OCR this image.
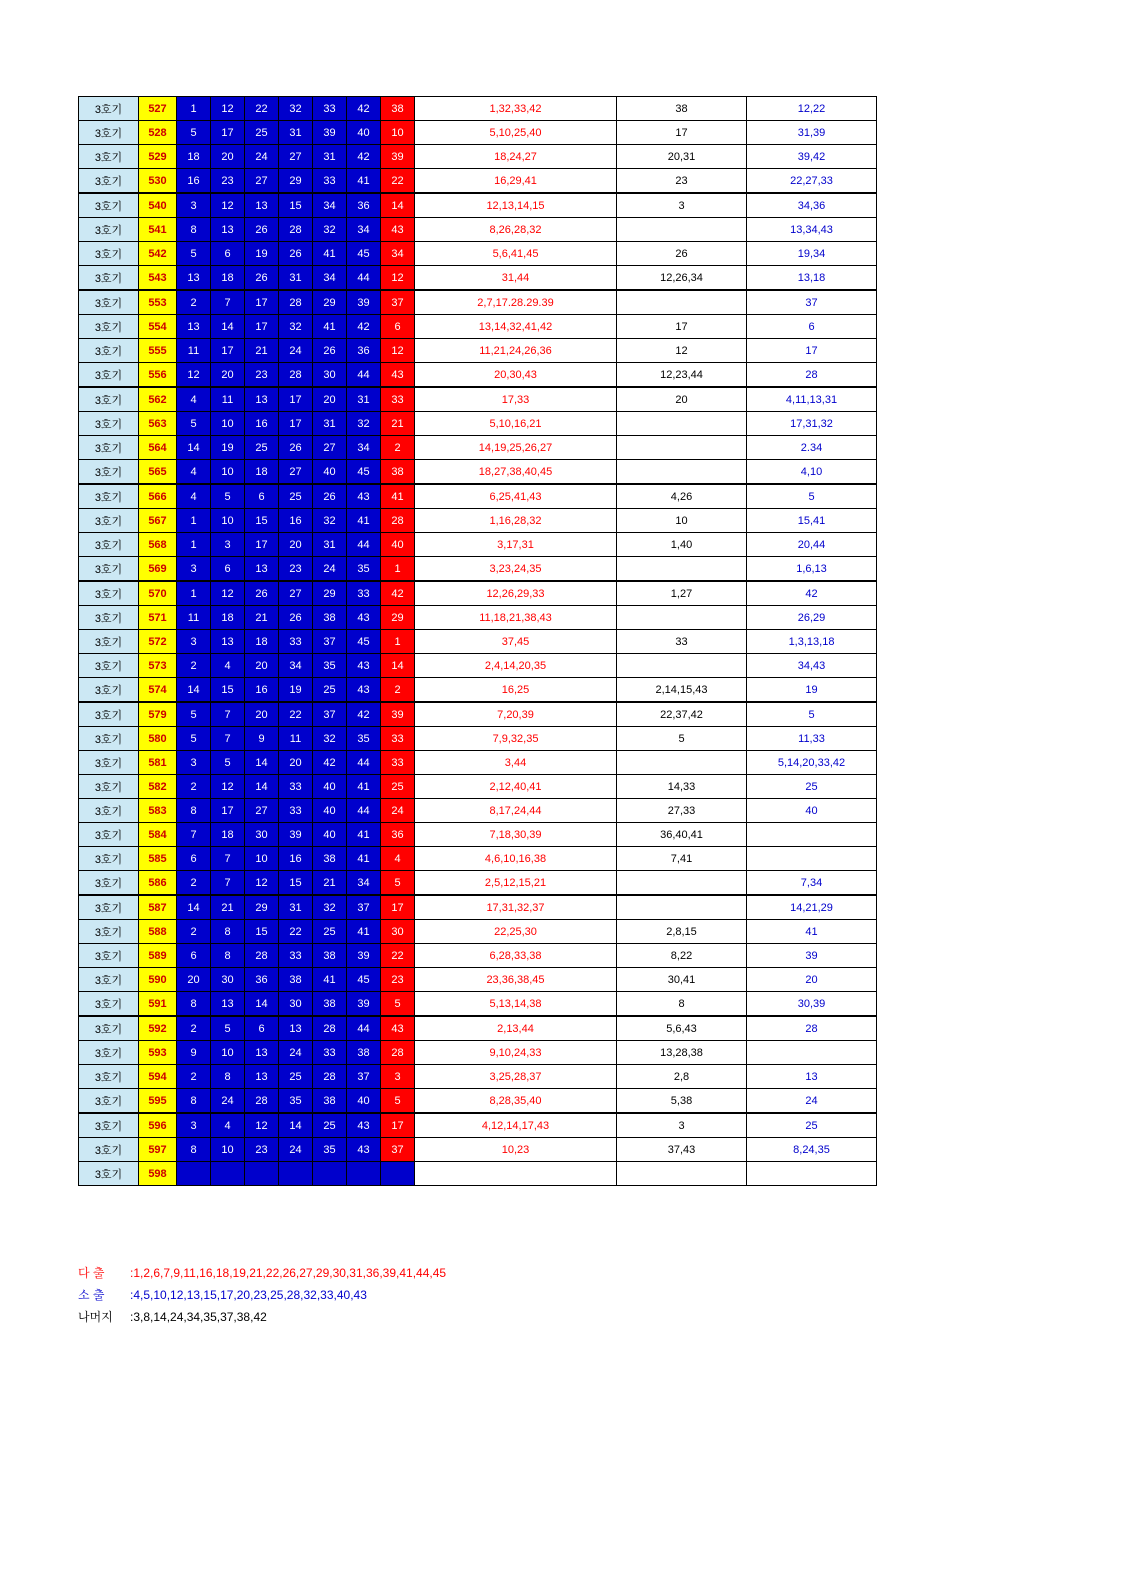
3호기	527	1	12	22	32	33	42	38	1,32,33,42	38	12,22
3호기	528	5	17	25	31	39	40	10	5,10,25,40	17	31,39
3호기	529	18	20	24	27	31	42	39	18,24,27	20,31	39,42
3호기	530	16	23	27	29	33	41	22	16,29,41	23	22,27,33
3호기	540	3	12	13	15	34	36	14	12,13,14,15	3	34,36
3호기	541	8	13	26	28	32	34	43	8,26,28,32		13,34,43
3호기	542	5	6	19	26	41	45	34	5,6,41,45	26	19,34
3호기	543	13	18	26	31	34	44	12	31,44	12,26,34	13,18
3호기	553	2	7	17	28	29	39	37	2,7,17.28.29.39		37
3호기	554	13	14	17	32	41	42	6	13,14,32,41,42	17	6
3호기	555	11	17	21	24	26	36	12	11,21,24,26,36	12	17
3호기	556	12	20	23	28	30	44	43	20,30,43	12,23,44	28
3호기	562	4	11	13	17	20	31	33	17,33	20	4,11,13,31
3호기	563	5	10	16	17	31	32	21	5,10,16,21		17,31,32
3호기	564	14	19	25	26	27	34	2	14,19,25,26,27		2.34
3호기	565	4	10	18	27	40	45	38	18,27,38,40,45		4,10
3호기	566	4	5	6	25	26	43	41	6,25,41,43	4,26	5
3호기	567	1	10	15	16	32	41	28	1,16,28,32	10	15,41
3호기	568	1	3	17	20	31	44	40	3,17,31	1,40	20,44
3호기	569	3	6	13	23	24	35	1	3,23,24,35		1,6,13
3호기	570	1	12	26	27	29	33	42	12,26,29,33	1,27	42
3호기	571	11	18	21	26	38	43	29	11,18,21,38,43		26,29
3호기	572	3	13	18	33	37	45	1	37,45	33	1,3,13,18
3호기	573	2	4	20	34	35	43	14	2,4,14,20,35		34,43
3호기	574	14	15	16	19	25	43	2	16,25	2,14,15,43	19
3호기	579	5	7	20	22	37	42	39	7,20,39	22,37,42	5
3호기	580	5	7	9	11	32	35	33	7,9,32,35	5	11,33
3호기	581	3	5	14	20	42	44	33	3,44		5,14,20,33,42
3호기	582	2	12	14	33	40	41	25	2,12,40,41	14,33	25
3호기	583	8	17	27	33	40	44	24	8,17,24,44	27,33	40
3호기	584	7	18	30	39	40	41	36	7,18,30,39	36,40,41	
3호기	585	6	7	10	16	38	41	4	4,6,10,16,38	7,41	
3호기	586	2	7	12	15	21	34	5	2,5,12,15,21		7,34
3호기	587	14	21	29	31	32	37	17	17,31,32,37		14,21,29
3호기	588	2	8	15	22	25	41	30	22,25,30	2,8,15	41
3호기	589	6	8	28	33	38	39	22	6,28,33,38	8,22	39
3호기	590	20	30	36	38	41	45	23	23,36,38,45	30,41	20
3호기	591	8	13	14	30	38	39	5	5,13,14,38	8	30,39
3호기	592	2	5	6	13	28	44	43	2,13,44	5,6,43	28
3호기	593	9	10	13	24	33	38	28	9,10,24,33	13,28,38	
3호기	594	2	8	13	25	28	37	3	3,25,28,37	2,8	13
3호기	595	8	24	28	35	38	40	5	8,28,35,40	5,38	24
3호기	596	3	4	12	14	25	43	17	4,12,14,17,43	3	25
3호기	597	8	10	23	24	35	43	37	10,23	37,43	8,24,35
3호기	598										
다 출 :1,2,6,7,9,11,16,18,19,21,22,26,27,29,30,31,36,39,41,44,45
소 출 :4,5,10,12,13,15,17,20,23,25,28,32,33,40,43
나머지 :3,8,14,24,34,35,37,38,42
